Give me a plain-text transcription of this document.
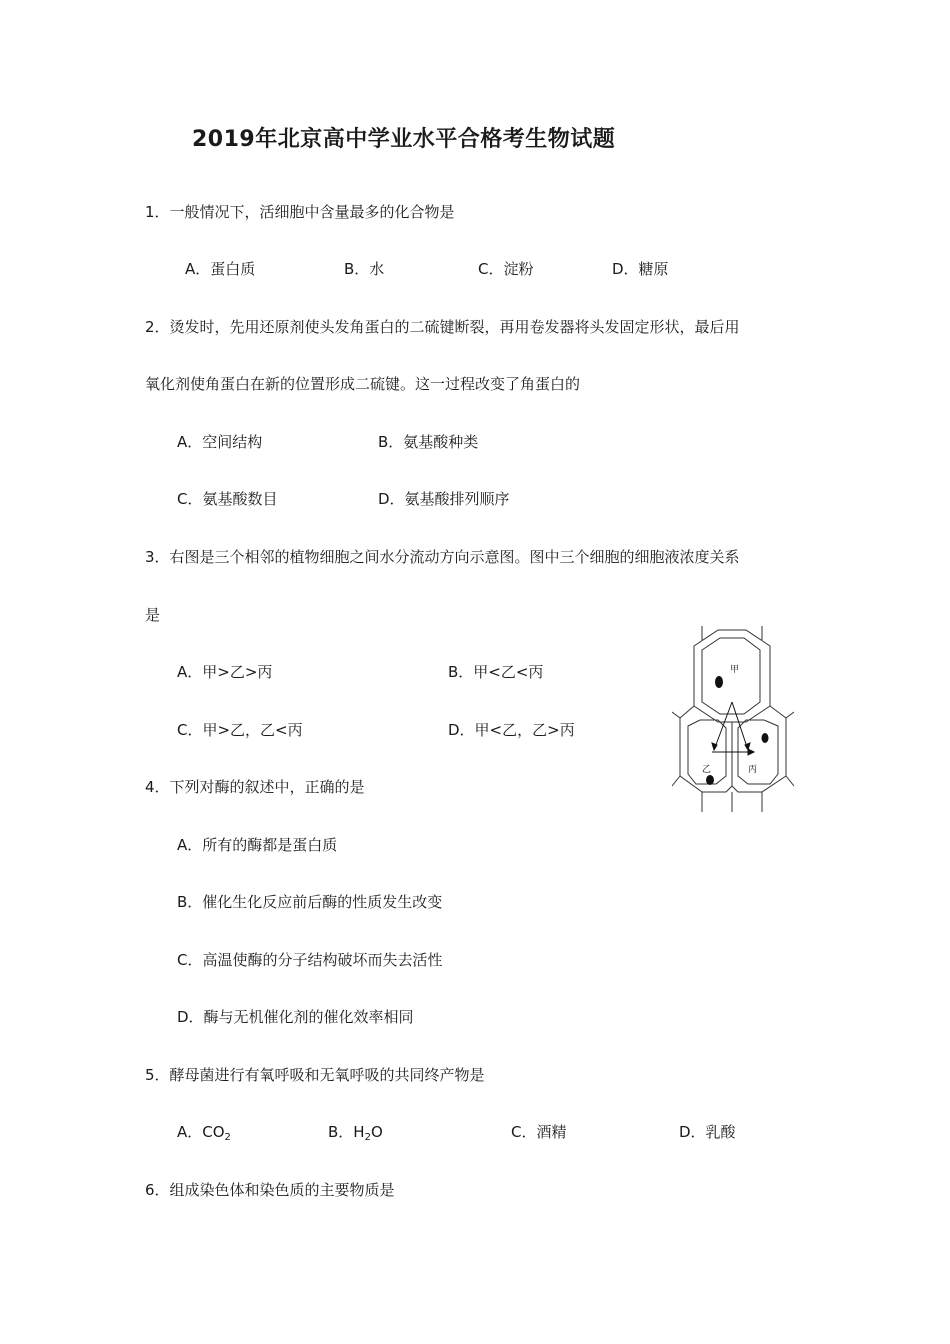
2019年北京高中学业水平合格考生物试题
1．一般情况下，活细胞中含量最多的化合物是
A．蛋白质	B．水	C．淀粉	D．糖原
2．烫发时，先用还原剂使头发角蛋白的二硫键断裂，再用卷发器将头发固定形状，最后用
氧化剂使角蛋白在新的位置形成二硫键。这一过程改变了角蛋白的
A．空间结构	B．氨基酸种类
C．氨基酸数目	D．氨基酸排列顺序
3．右图是三个相邻的植物细胞之间水分流动方向示意图。图中三个细胞的细胞液浓度关系
是
A．甲>乙>丙	B．甲<乙<丙
C．甲>乙，乙<丙	D．甲<乙，乙>丙
甲
乙	丙
4．下列对酶的叙述中，正确的是
A．所有的酶都是蛋白质
B．催化生化反应前后酶的性质发生改变
C．高温使酶的分子结构破坏而失去活性
D．酶与无机催化剂的催化效率相同
5．酵母菌进行有氧呼吸和无氧呼吸的共同终产物是
A．$CO_2$	B．$H_2O$	C．酒精	D．乳酸
6．组成染色体和染色质的主要物质是
